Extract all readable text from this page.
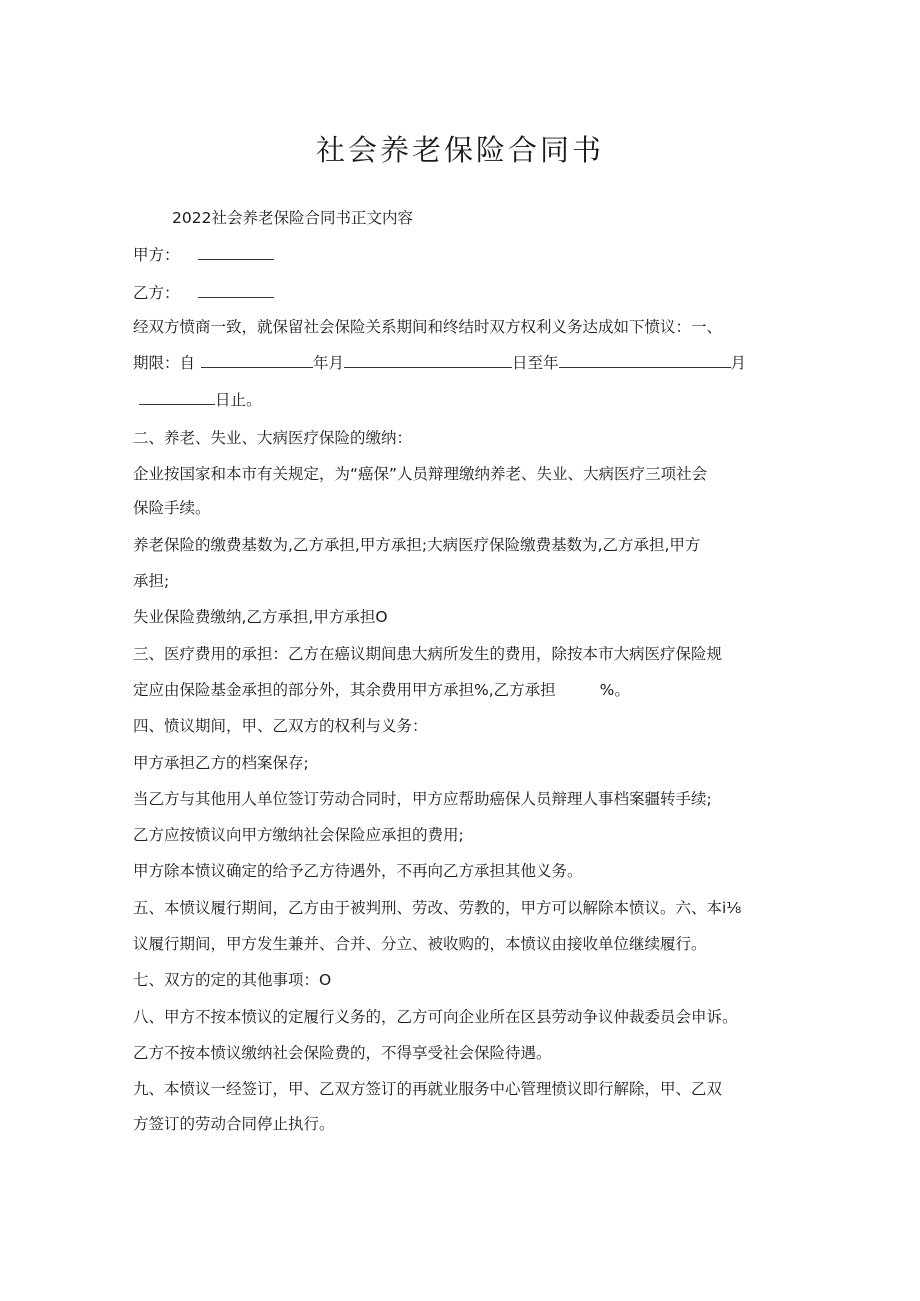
社会养老保险合同书
2022社会养老保险合同书正文内容
甲方：
乙方：
经双方愤商一致，就保留社会保险关系期间和终结时双方权利义务达成如下愤议：一、
期限：自	年月	日至年	月
日止。
二、养老、失业、大病医疗保险的缴纳：
企业按国家和本市有关规定，为“癌保”人员辩理缴纳养老、失业、大病医疗三项社会
保险手续。
养老保险的缴费基数为,乙方承担,甲方承担;大病医疗保险缴费基数为,乙方承担,甲方
承担;
失业保险费缴纳,乙方承担,甲方承担O
三、医疗费用的承担：乙方在癌议期间患大病所发生的费用，除按本市大病医疗保险规
定应由保险基金承担的部分外，其余费用甲方承担%,乙方承担	%。
四、愤议期间，甲、乙双方的权利与义务：
甲方承担乙方的档案保存;
当乙方与其他用人单位签订劳动合同时，甲方应帮助癌保人员辩理人事档案疆转手续;
乙方应按愤议向甲方缴纳社会保险应承担的费用;
甲方除本愤议确定的给予乙方待遇外，不再向乙方承担其他义务。
五、本愤议履行期间，乙方由于被判刑、劳改、劳教的，甲方可以解除本愤议。六、本i⅛
议履行期间，甲方发生兼并、合并、分立、被收购的，本愤议由接收单位继续履行。
七、双方的定的其他事项：O
八、甲方不按本愤议的定履行义务的，乙方可向企业所在区县劳动争议仲裁委员会申诉。
乙方不按本愤议缴纳社会保险费的，不得享受社会保险待遇。
九、本愤议一经签订，甲、乙双方签订的再就业服务中心管理愤议即行解除，甲、乙双
方签订的劳动合同停止执行。
